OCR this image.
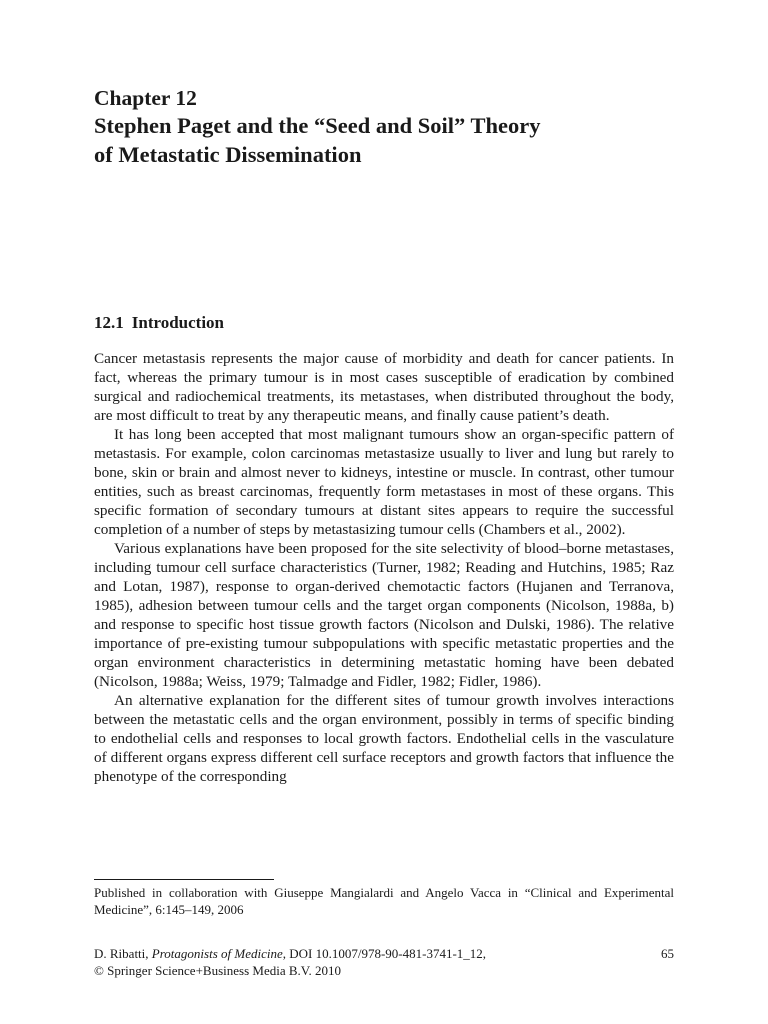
Chapter 12
Stephen Paget and the “Seed and Soil” Theory
of Metastatic Dissemination
12.1 Introduction

Cancer metastasis represents the major cause of morbidity and death for cancer patients. In fact, whereas the primary tumour is in most cases susceptible of eradication by combined surgical and radiochemical treatments, its metastases, when distributed throughout the body, are most difficult to treat by any therapeutic means, and finally cause patient’s death.

It has long been accepted that most malignant tumours show an organ-specific pattern of metastasis. For example, colon carcinomas metastasize usually to liver and lung but rarely to bone, skin or brain and almost never to kidneys, intestine or muscle. In contrast, other tumour entities, such as breast carcinomas, frequently form metastases in most of these organs. This specific formation of secondary tumours at distant sites appears to require the successful completion of a number of steps by metastasizing tumour cells (Chambers et al., 2002).

Various explanations have been proposed for the site selectivity of blood–borne metastases, including tumour cell surface characteristics (Turner, 1982; Reading and Hutchins, 1985; Raz and Lotan, 1987), response to organ-derived chemotactic factors (Hujanen and Terranova, 1985), adhesion between tumour cells and the target organ components (Nicolson, 1988a, b) and response to specific host tissue growth factors (Nicolson and Dulski, 1986). The relative importance of pre-existing tumour subpopulations with specific metastatic properties and the organ environment characteristics in determining metastatic homing have been debated (Nicolson, 1988a; Weiss, 1979; Talmadge and Fidler, 1982; Fidler, 1986).

An alternative explanation for the different sites of tumour growth involves interactions between the metastatic cells and the organ environment, possibly in terms of specific binding to endothelial cells and responses to local growth factors. Endothelial cells in the vasculature of different organs express different cell surface receptors and growth factors that influence the phenotype of the corresponding

Published in collaboration with Giuseppe Mangialardi and Angelo Vacca in “Clinical and Experimental Medicine”, 6:145–149, 2006
D. Ribatti, Protagonists of Medicine, DOI 10.1007/978-90-481-3741-1_12,
© Springer Science+Business Media B.V. 2010
65
